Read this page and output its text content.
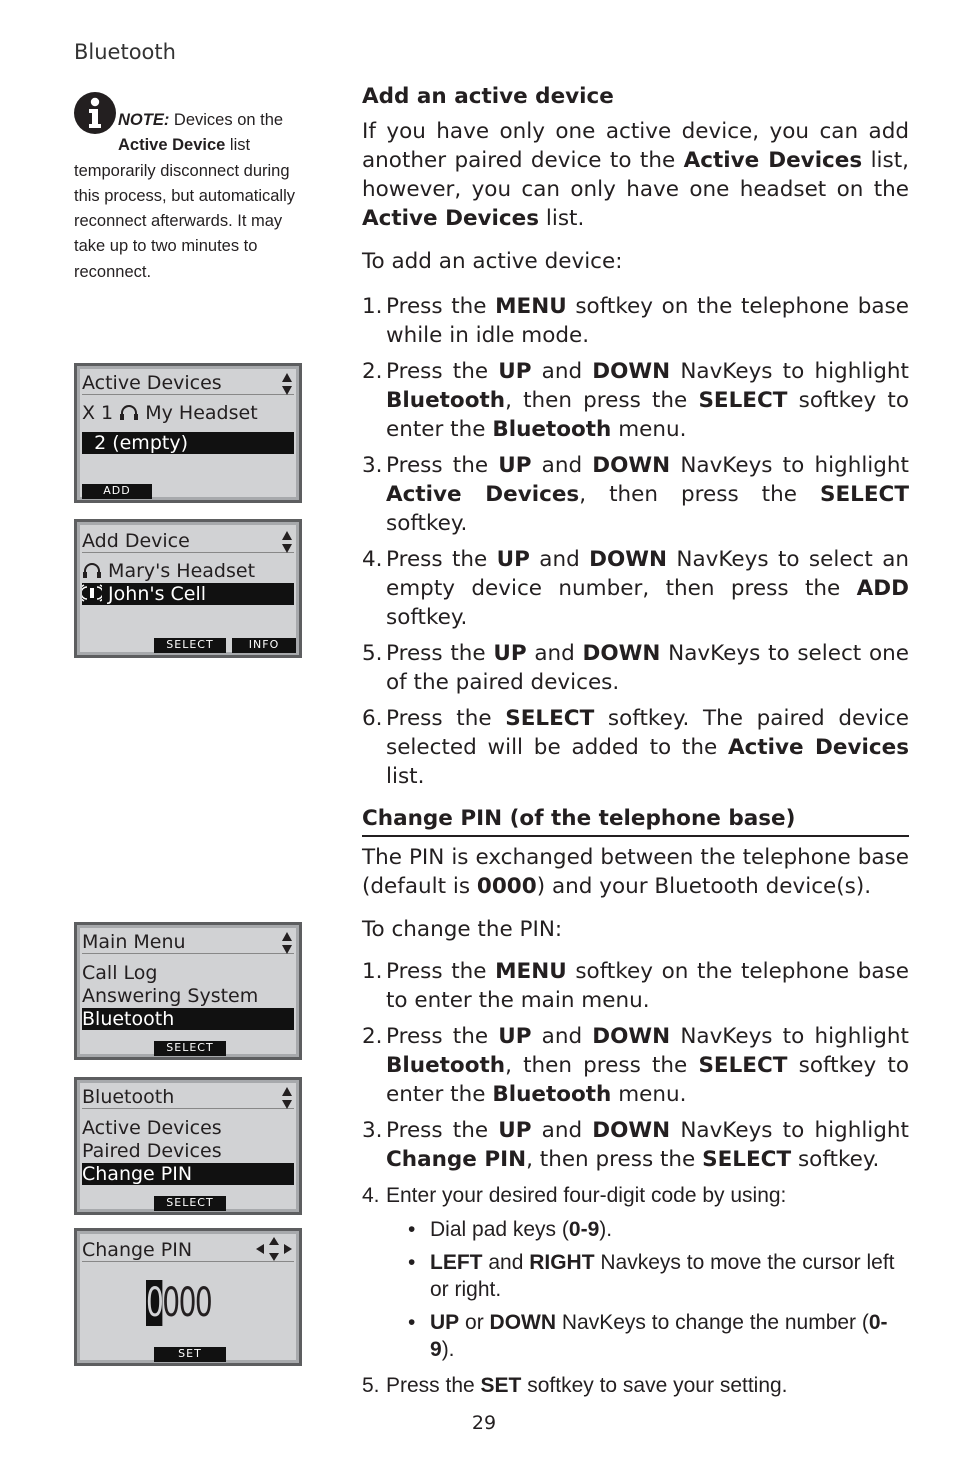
Bluetooth
NOTE: Devices on theActive Device list temporarily disconnect during this process, but automatically reconnect afterwards. It may take up to two minutes to reconnect.
Active Devices
X 1 My Headset
2 (empty)
ADD
Add Device
Mary's Headset
John's Cell
SELECT	INFO
Main Menu
Call Log
Answering System
Bluetooth
SELECT
Bluetooth
Active Devices
Paired Devices
Change PIN
SELECT
Change PIN
0000
SET
Add an active device
If you have only one active device, you can add another paired device to the Active Devices list, however, you can only have one headset on the Active Devices list.
To add an active device:
1. Press the MENU softkey on the telephone base while in idle mode.
2. Press the UP and DOWN NavKeys to highlight Bluetooth, then press the SELECT softkey to enter the Bluetooth menu.
3. Press the UP and DOWN NavKeys to highlight Active Devices, then press the SELECT softkey.
4. Press the UP and DOWN NavKeys to select an empty device number, then press the ADD softkey.
5. Press the UP and DOWN NavKeys to select one of the paired devices.
6. Press the SELECT softkey. The paired device selected will be added to the Active Devices list.
Change PIN (of the telephone base)
The PIN is exchanged between the telephone base (default is 0000) and your Bluetooth device(s).
To change the PIN:
1. Press the MENU softkey on the telephone base to enter the main menu.
2. Press the UP and DOWN NavKeys to highlight Bluetooth, then press the SELECT softkey to enter the Bluetooth menu.
3. Press the UP and DOWN NavKeys to highlight Change PIN, then press the SELECT softkey.
4. Enter your desired four-digit code by using:
• Dial pad keys (0-9).
• LEFT and RIGHT Navkeys to move the cursor left or right.
• UP or DOWN NavKeys to change the number (0-9).
5. Press the SET softkey to save your setting.
29
